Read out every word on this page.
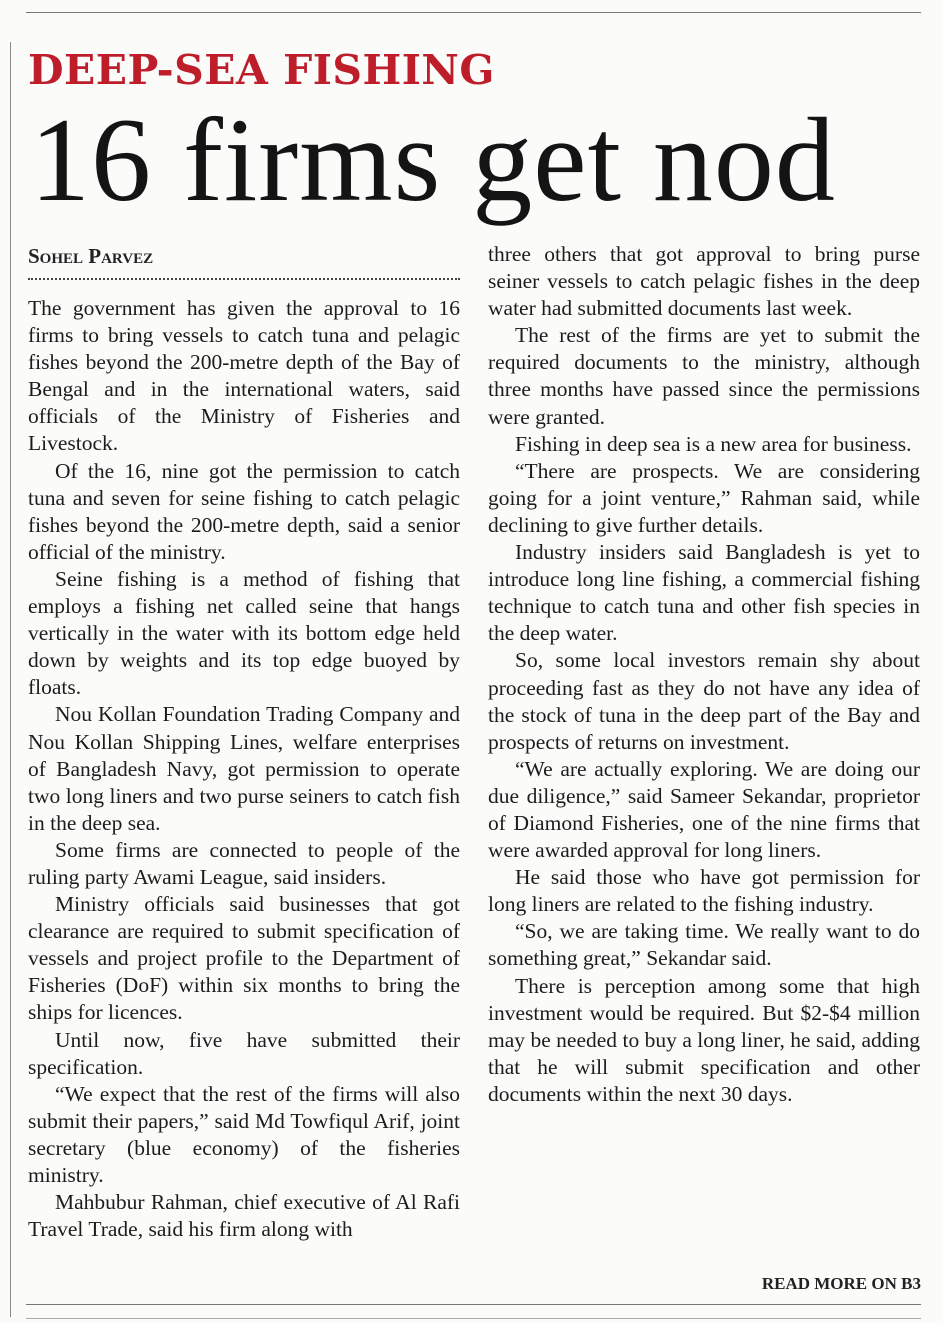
DEEP-SEA FISHING
16 firms get nod
Sohel Parvez

The government has given the approval to 16 firms to bring vessels to catch tuna and pelagic fishes beyond the 200-metre depth of the Bay of Bengal and in the international waters, said officials of the Ministry of Fisheries and Livestock.

Of the 16, nine got the permission to catch tuna and seven for seine fishing to catch pelagic fishes beyond the 200-metre depth, said a senior official of the ministry.

Seine fishing is a method of fishing that employs a fishing net called seine that hangs vertically in the water with its bottom edge held down by weights and its top edge buoyed by floats.

Nou Kollan Foundation Trading Company and Nou Kollan Shipping Lines, welfare enterprises of Bangladesh Navy, got permission to operate two long liners and two purse seiners to catch fish in the deep sea.

Some firms are connected to people of the ruling party Awami League, said insiders.

Ministry officials said businesses that got clearance are required to submit specification of vessels and project profile to the Department of Fisheries (DoF) within six months to bring the ships for licences.

Until now, five have submitted their specification.

“We expect that the rest of the firms will also submit their papers,” said Md Towfiqul Arif, joint secretary (blue economy) of the fisheries ministry.

Mahbubur Rahman, chief executive of Al Rafi Travel Trade, said his firm along with

three others that got approval to bring purse seiner vessels to catch pelagic fishes in the deep water had submitted documents last week.

The rest of the firms are yet to submit the required documents to the ministry, although three months have passed since the permissions were granted.

Fishing in deep sea is a new area for business.

“There are prospects. We are considering going for a joint venture,” Rahman said, while declining to give further details.

Industry insiders said Bangladesh is yet to introduce long line fishing, a commercial fishing technique to catch tuna and other fish species in the deep water.

So, some local investors remain shy about proceeding fast as they do not have any idea of the stock of tuna in the deep part of the Bay and prospects of returns on investment.

“We are actually exploring. We are doing our due diligence,” said Sameer Sekandar, proprietor of Diamond Fisheries, one of the nine firms that were awarded approval for long liners.

He said those who have got permission for long liners are related to the fishing industry.

“So, we are taking time. We really want to do something great,” Sekandar said.

There is perception among some that high investment would be required. But $2-$4 million may be needed to buy a long liner, he said, adding that he will submit specification and other documents within the next 30 days.

READ MORE ON B3
